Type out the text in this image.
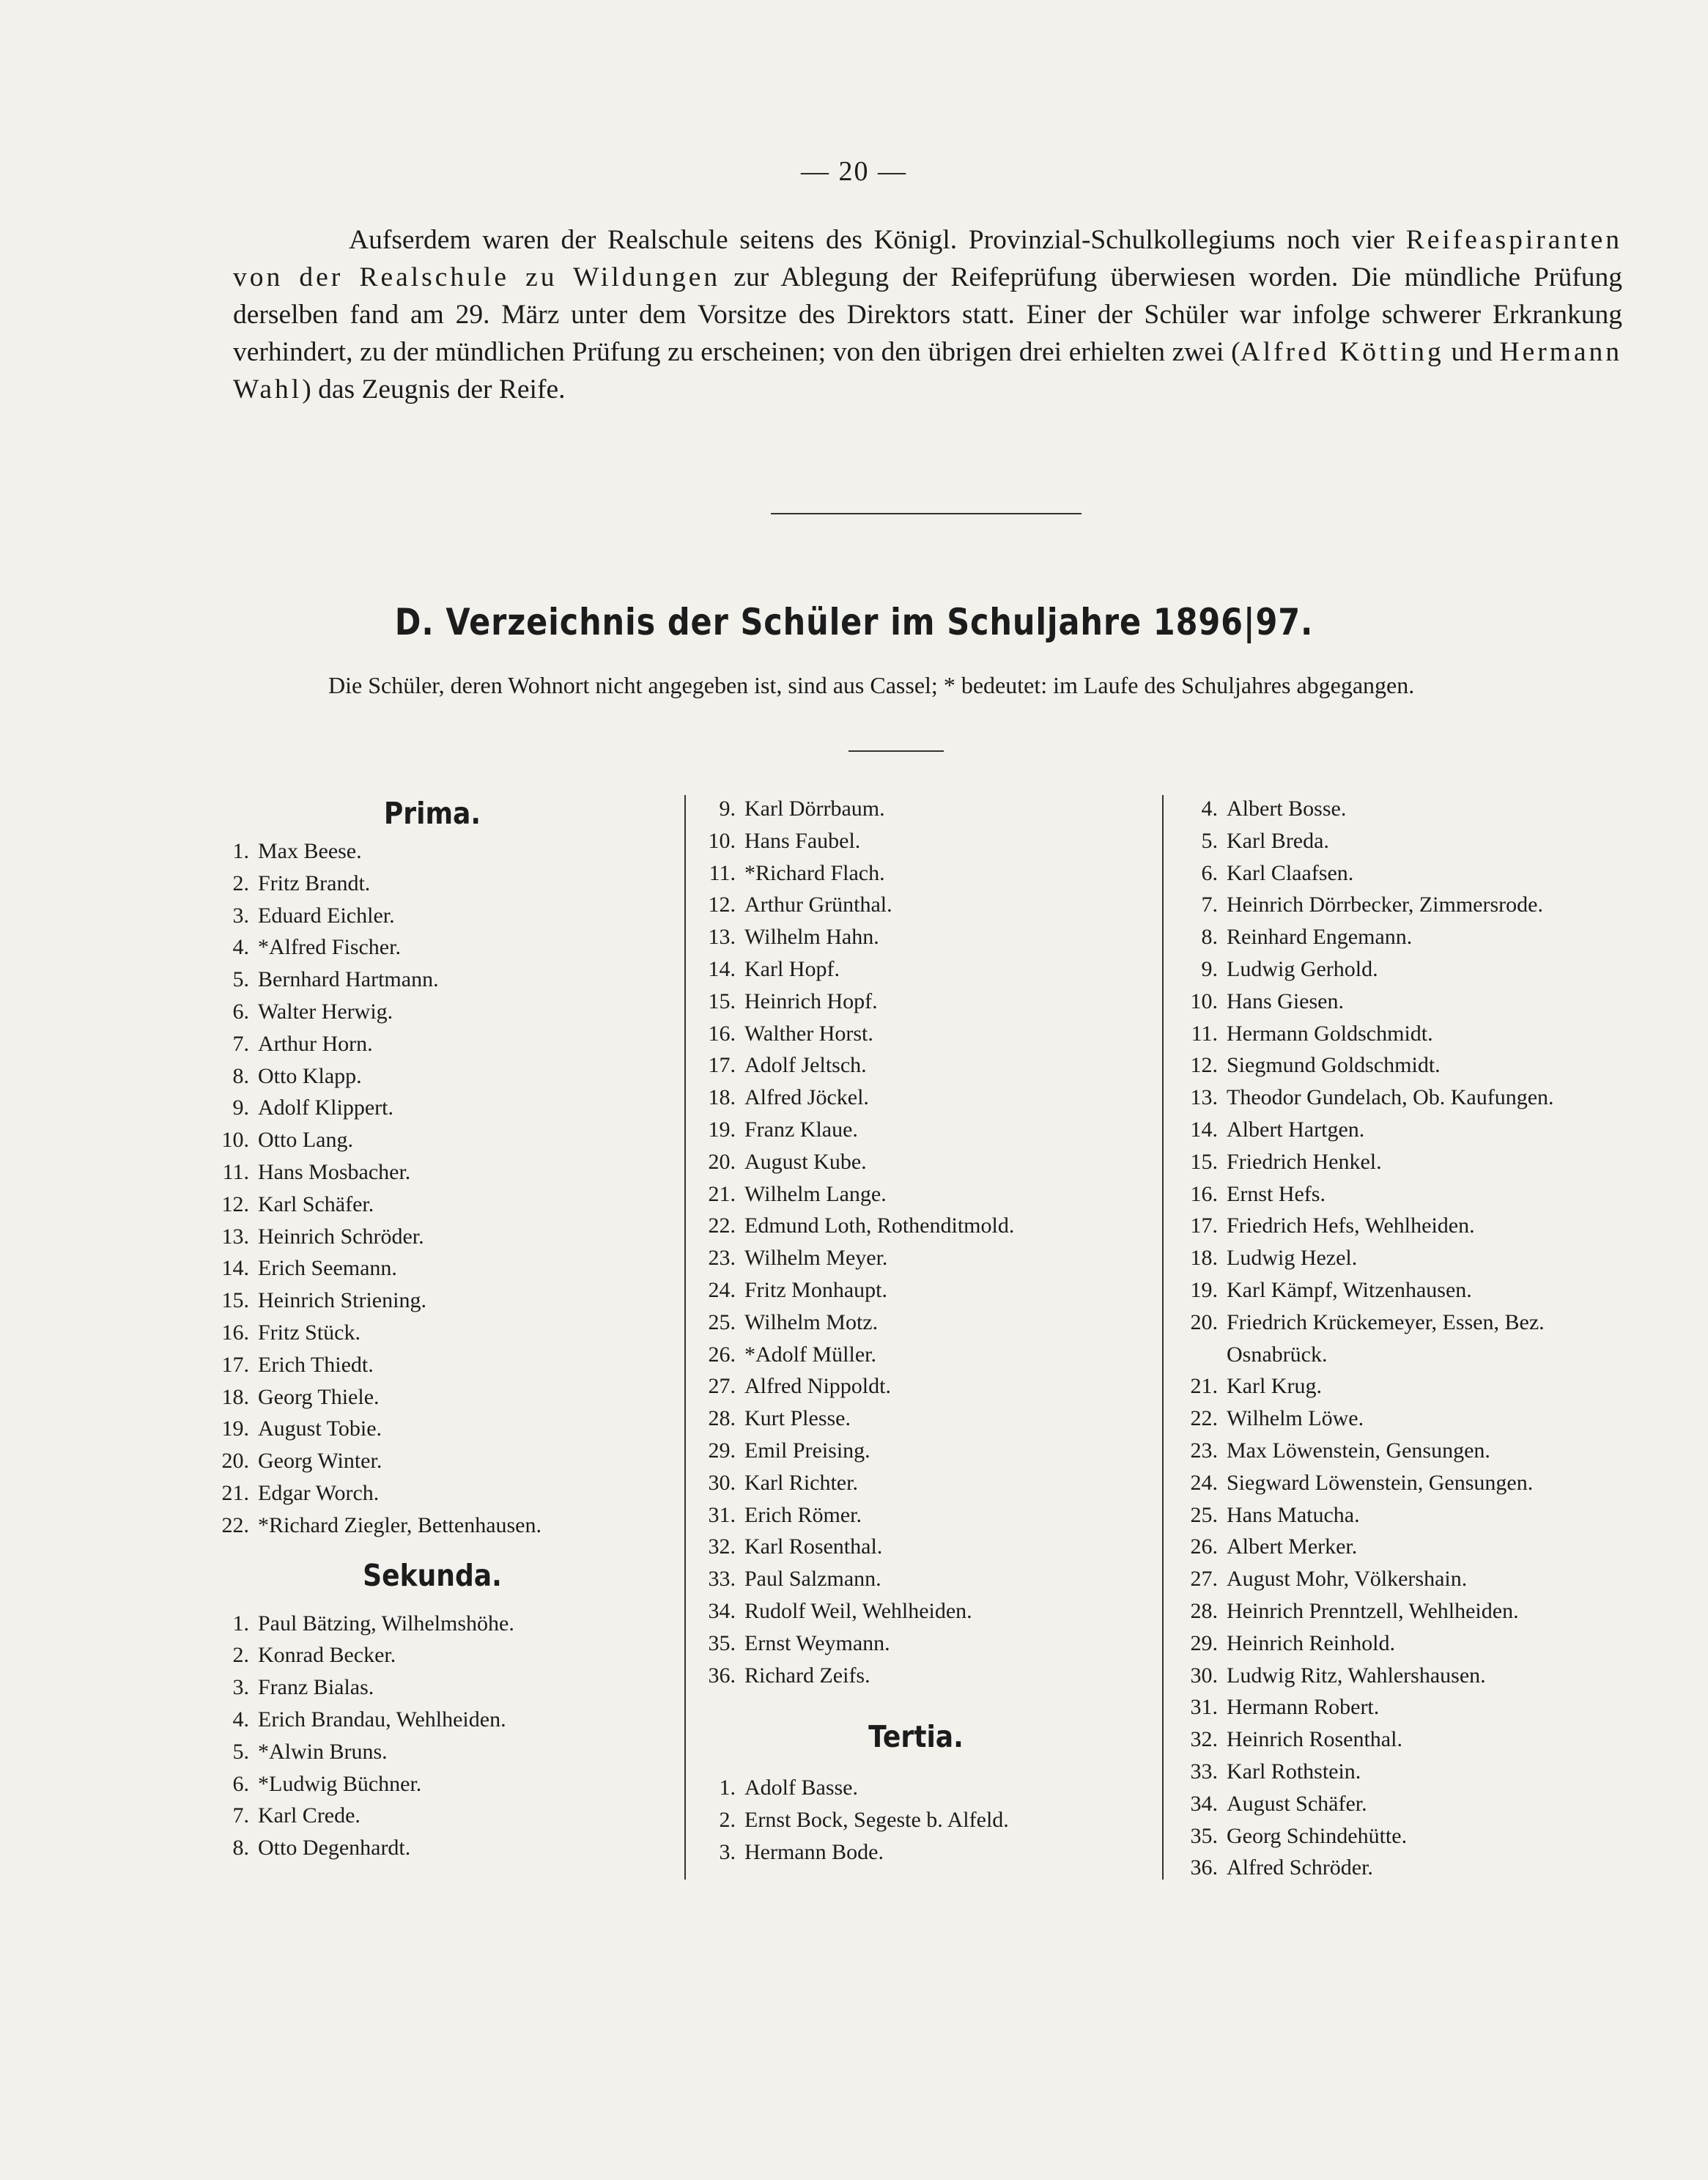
— 20 —

Aufserdem waren der Realschule seitens des Königl. Provinzial-Schulkollegiums noch vier Reifeaspiranten von der Realschule zu Wildungen zur Ablegung der Reifeprüfung überwiesen worden. Die mündliche Prüfung derselben fand am 29. März unter dem Vorsitze des Direktors statt. Einer der Schüler war infolge schwerer Erkrankung verhindert, zu der mündlichen Prüfung zu erscheinen; von den übrigen drei erhielten zwei (Alfred Kötting und Hermann Wahl) das Zeugnis der Reife.

D. Verzeichnis der Schüler im Schuljahre 1896|97.

Die Schüler, deren Wohnort nicht angegeben ist, sind aus Cassel; * bedeutet: im Laufe des Schuljahres abgegangen.

Prima.
1. Max Beese.
2. Fritz Brandt.
3. Eduard Eichler.
4. *Alfred Fischer.
5. Bernhard Hartmann.
6. Walter Herwig.
7. Arthur Horn.
8. Otto Klapp.
9. Adolf Klippert.
10. Otto Lang.
11. Hans Mosbacher.
12. Karl Schäfer.
13. Heinrich Schröder.
14. Erich Seemann.
15. Heinrich Striening.
16. Fritz Stück.
17. Erich Thiedt.
18. Georg Thiele.
19. August Tobie.
20. Georg Winter.
21. Edgar Worch.
22. *Richard Ziegler, Bettenhausen.
Sekunda.
1. Paul Bätzing, Wilhelmshöhe.
2. Konrad Becker.
3. Franz Bialas.
4. Erich Brandau, Wehlheiden.
5. *Alwin Bruns.
6. *Ludwig Büchner.
7. Karl Crede.
8. Otto Degenhardt.
9. Karl Dörrbaum.
10. Hans Faubel.
11. *Richard Flach.
12. Arthur Grünthal.
13. Wilhelm Hahn.
14. Karl Hopf.
15. Heinrich Hopf.
16. Walther Horst.
17. Adolf Jeltsch.
18. Alfred Jöckel.
19. Franz Klaue.
20. August Kube.
21. Wilhelm Lange.
22. Edmund Loth, Rothenditmold.
23. Wilhelm Meyer.
24. Fritz Monhaupt.
25. Wilhelm Motz.
26. *Adolf Müller.
27. Alfred Nippoldt.
28. Kurt Plesse.
29. Emil Preising.
30. Karl Richter.
31. Erich Römer.
32. Karl Rosenthal.
33. Paul Salzmann.
34. Rudolf Weil, Wehlheiden.
35. Ernst Weymann.
36. Richard Zeifs.
Tertia.
1. Adolf Basse.
2. Ernst Bock, Segeste b. Alfeld.
3. Hermann Bode.
4. Albert Bosse.
5. Karl Breda.
6. Karl Claafsen.
7. Heinrich Dörrbecker, Zimmersrode.
8. Reinhard Engemann.
9. Ludwig Gerhold.
10. Hans Giesen.
11. Hermann Goldschmidt.
12. Siegmund Goldschmidt.
13. Theodor Gundelach, Ob. Kaufungen.
14. Albert Hartgen.
15. Friedrich Henkel.
16. Ernst Hefs.
17. Friedrich Hefs, Wehlheiden.
18. Ludwig Hezel.
19. Karl Kämpf, Witzenhausen.
20. Friedrich Krückemeyer, Essen, Bez.
Osnabrück.
21. Karl Krug.
22. Wilhelm Löwe.
23. Max Löwenstein, Gensungen.
24. Siegward Löwenstein, Gensungen.
25. Hans Matucha.
26. Albert Merker.
27. August Mohr, Völkershain.
28. Heinrich Prenntzell, Wehlheiden.
29. Heinrich Reinhold.
30. Ludwig Ritz, Wahlershausen.
31. Hermann Robert.
32. Heinrich Rosenthal.
33. Karl Rothstein.
34. August Schäfer.
35. Georg Schindehütte.
36. Alfred Schröder.
